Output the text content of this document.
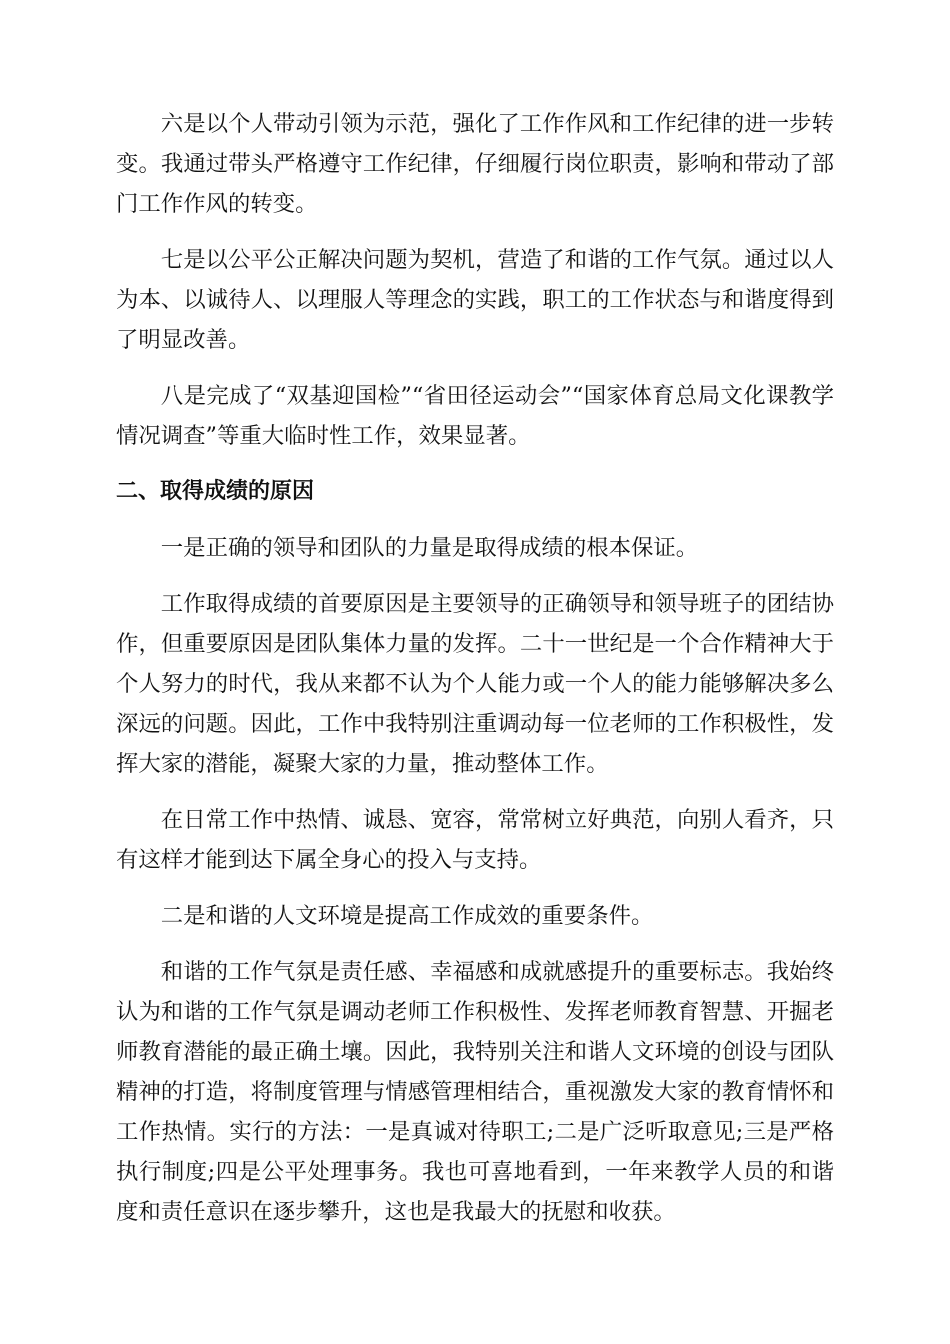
六是以个人带动引领为示范，强化了工作作风和工作纪律的进一步转变。我通过带头严格遵守工作纪律，仔细履行岗位职责，影响和带动了部门工作作风的转变。

七是以公平公正解决问题为契机，营造了和谐的工作气氛。通过以人为本、以诚待人、以理服人等理念的实践，职工的工作状态与和谐度得到了明显改善。

八是完成了“双基迎国检”“省田径运动会”“国家体育总局文化课教学情况调查”等重大临时性工作，效果显著。

二、取得成绩的原因

一是正确的领导和团队的力量是取得成绩的根本保证。

工作取得成绩的首要原因是主要领导的正确领导和领导班子的团结协作，但重要原因是团队集体力量的发挥。二十一世纪是一个合作精神大于个人努力的时代，我从来都不认为个人能力或一个人的能力能够解决多么深远的问题。因此，工作中我特别注重调动每一位老师的工作积极性，发挥大家的潜能，凝聚大家的力量，推动整体工作。

在日常工作中热情、诚恳、宽容，常常树立好典范，向别人看齐，只有这样才能到达下属全身心的投入与支持。

二是和谐的人文环境是提高工作成效的重要条件。

和谐的工作气氛是责任感、幸福感和成就感提升的重要标志。我始终认为和谐的工作气氛是调动老师工作积极性、发挥老师教育智慧、开掘老师教育潜能的最正确土壤。因此，我特别关注和谐人文环境的创设与团队精神的打造，将制度管理与情感管理相结合，重视激发大家的教育情怀和工作热情。实行的方法：一是真诚对待职工;二是广泛听取意见;三是严格执行制度;四是公平处理事务。我也可喜地看到，一年来教学人员的和谐度和责任意识在逐步攀升，这也是我最大的抚慰和收获。
